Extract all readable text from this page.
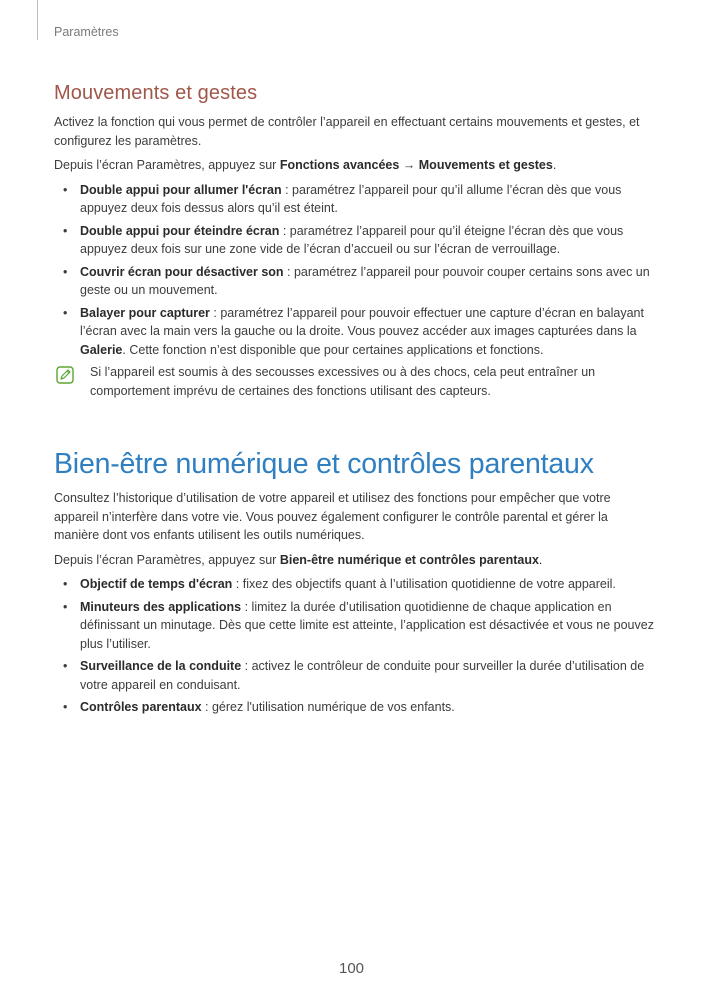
Paramètres
Mouvements et gestes

Activez la fonction qui vous permet de contrôler l’appareil en effectuant certains mouvements et gestes, et configurez les paramètres.

Depuis l’écran Paramètres, appuyez sur Fonctions avancées → Mouvements et gestes.

• Double appui pour allumer l'écran : paramétrez l’appareil pour qu’il allume l’écran dès que vous appuyez deux fois dessus alors qu’il est éteint.
• Double appui pour éteindre écran : paramétrez l’appareil pour qu’il éteigne l’écran dès que vous appuyez deux fois sur une zone vide de l’écran d’accueil ou sur l’écran de verrouillage.
• Couvrir écran pour désactiver son : paramétrez l’appareil pour pouvoir couper certains sons avec un geste ou un mouvement.
• Balayer pour capturer : paramétrez l’appareil pour pouvoir effectuer une capture d’écran en balayant l’écran avec la main vers la gauche ou la droite. Vous pouvez accéder aux images capturées dans la Galerie. Cette fonction n’est disponible que pour certaines applications et fonctions.

Si l’appareil est soumis à des secousses excessives ou à des chocs, cela peut entraîner un comportement imprévu de certaines des fonctions utilisant des capteurs.

Bien-être numérique et contrôles parentaux

Consultez l’historique d’utilisation de votre appareil et utilisez des fonctions pour empêcher que votre appareil n’interfère dans votre vie. Vous pouvez également configurer le contrôle parental et gérer la manière dont vos enfants utilisent les outils numériques.

Depuis l’écran Paramètres, appuyez sur Bien-être numérique et contrôles parentaux.

• Objectif de temps d'écran : fixez des objectifs quant à l’utilisation quotidienne de votre appareil.
• Minuteurs des applications : limitez la durée d’utilisation quotidienne de chaque application en définissant un minutage. Dès que cette limite est atteinte, l’application est désactivée et vous ne pouvez plus l’utiliser.
• Surveillance de la conduite : activez le contrôleur de conduite pour surveiller la durée d’utilisation de votre appareil en conduisant.
• Contrôles parentaux : gérez l'utilisation numérique de vos enfants.
100
